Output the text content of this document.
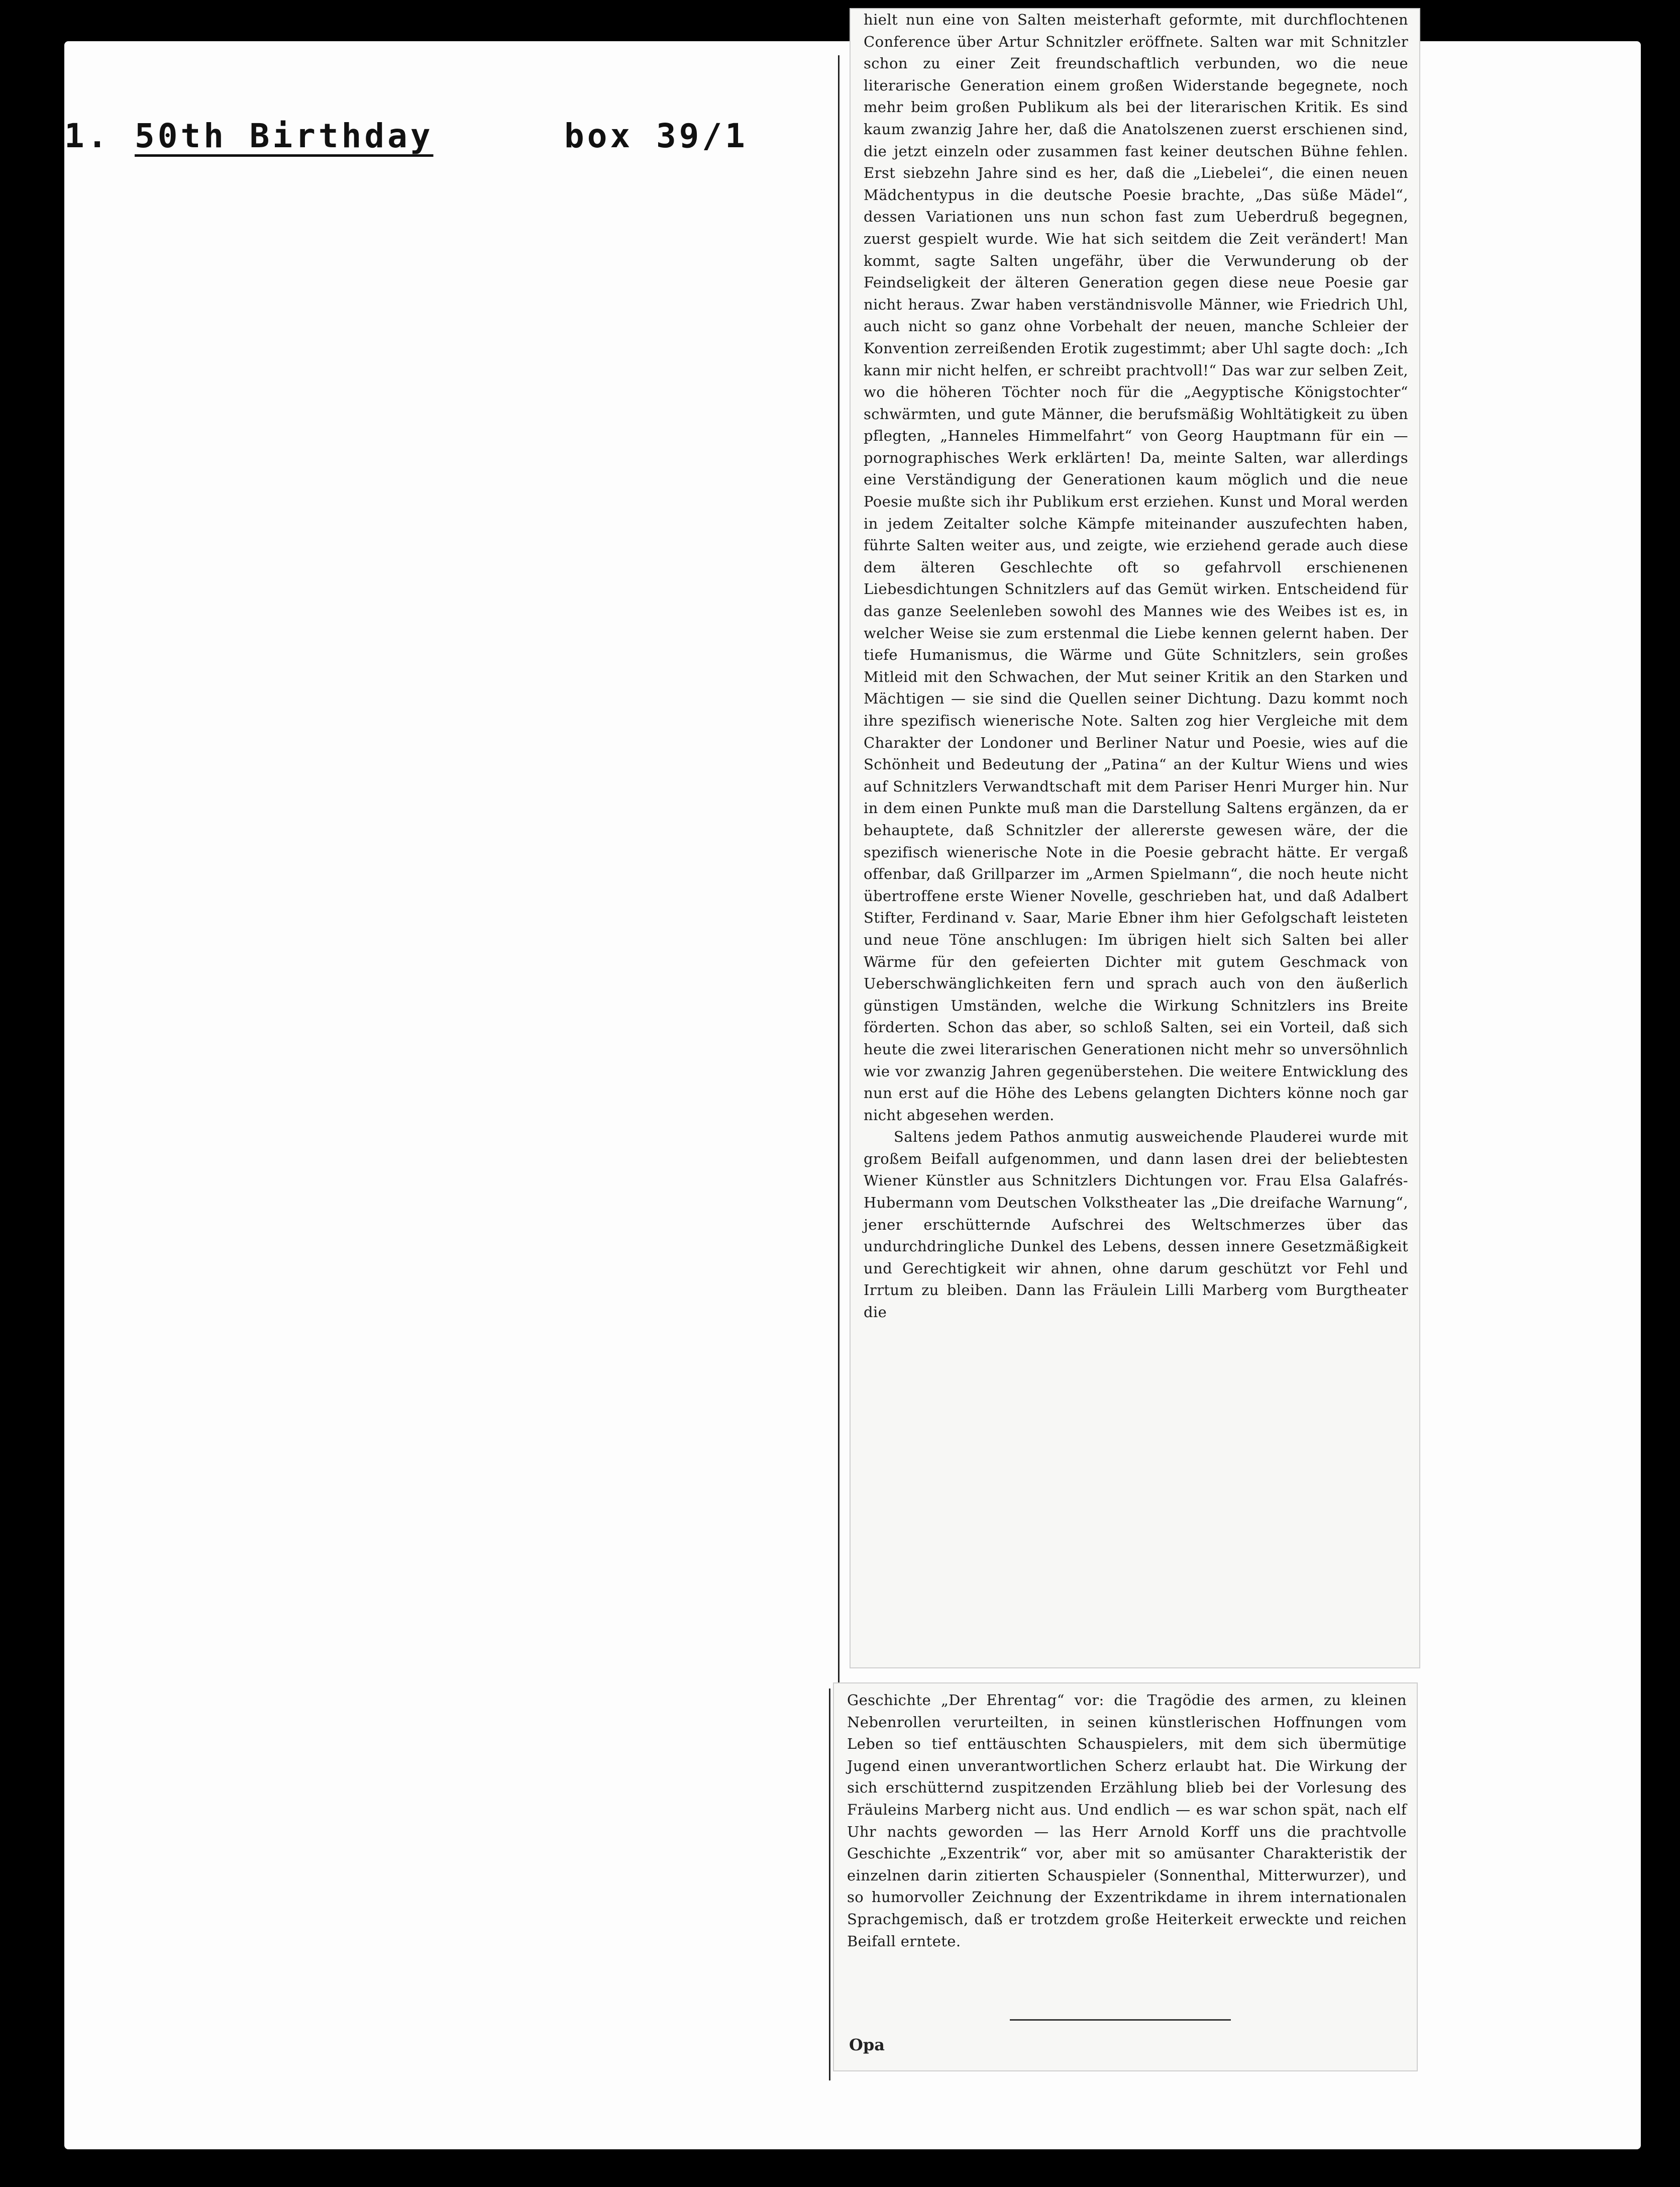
1. 50th Birthday	box 39/1

hielt nun eine von Salten meisterhaft geformte, mit durchflochtenen Conference über Artur Schnitzler eröffnete. Salten war mit Schnitzler schon zu einer Zeit freundschaftlich verbunden, wo die neue literarische Generation einem großen Widerstande begegnete, noch mehr beim großen Publikum als bei der literarischen Kritik. Es sind kaum zwanzig Jahre her, daß die Anatolszenen zuerst erschienen sind, die jetzt einzeln oder zusammen fast keiner deutschen Bühne fehlen. Erst siebzehn Jahre sind es her, daß die „Liebelei“, die einen neuen Mädchentypus in die deutsche Poesie brachte, „Das süße Mädel“, dessen Variationen uns nun schon fast zum Ueberdruß begegnen, zuerst gespielt wurde. Wie hat sich seitdem die Zeit verändert! Man kommt, sagte Salten ungefähr, über die Verwunderung ob der Feindseligkeit der älteren Generation gegen diese neue Poesie gar nicht heraus. Zwar haben verständnisvolle Männer, wie Friedrich Uhl, auch nicht so ganz ohne Vorbehalt der neuen, manche Schleier der Konvention zerreißenden Erotik zugestimmt; aber Uhl sagte doch: „Ich kann mir nicht helfen, er schreibt prachtvoll!“ Das war zur selben Zeit, wo die höheren Töchter noch für die „Aegyptische Königstochter“ schwärmten, und gute Männer, die berufsmäßig Wohltätigkeit zu üben pflegten, „Hanneles Himmelfahrt“ von Georg Hauptmann für ein — pornographisches Werk erklärten! Da, meinte Salten, war allerdings eine Verständigung der Generationen kaum möglich und die neue Poesie mußte sich ihr Publikum erst erziehen. Kunst und Moral werden in jedem Zeitalter solche Kämpfe miteinander auszufechten haben, führte Salten weiter aus, und zeigte, wie erziehend gerade auch diese dem älteren Geschlechte oft so gefahrvoll erschienenen Liebesdichtungen Schnitzlers auf das Gemüt wirken. Entscheidend für das ganze Seelenleben sowohl des Mannes wie des Weibes ist es, in welcher Weise sie zum erstenmal die Liebe kennen gelernt haben. Der tiefe Humanismus, die Wärme und Güte Schnitzlers, sein großes Mitleid mit den Schwachen, der Mut seiner Kritik an den Starken und Mächtigen — sie sind die Quellen seiner Dichtung. Dazu kommt noch ihre spezifisch wienerische Note. Salten zog hier Vergleiche mit dem Charakter der Londoner und Berliner Natur und Poesie, wies auf die Schönheit und Bedeutung der „Patina“ an der Kultur Wiens und wies auf Schnitzlers Verwandtschaft mit dem Pariser Henri Murger hin. Nur in dem einen Punkte muß man die Darstellung Saltens ergänzen, da er behauptete, daß Schnitzler der allererste gewesen wäre, der die spezifisch wienerische Note in die Poesie gebracht hätte. Er vergaß offenbar, daß Grillparzer im „Armen Spielmann“, die noch heute nicht übertroffene erste Wiener Novelle, geschrieben hat, und daß Adalbert Stifter, Ferdinand v. Saar, Marie Ebner ihm hier Gefolgschaft leisteten und neue Töne anschlugen: Im übrigen hielt sich Salten bei aller Wärme für den gefeierten Dichter mit gutem Geschmack von Ueberschwänglichkeiten fern und sprach auch von den äußerlich günstigen Umständen, welche die Wirkung Schnitzlers ins Breite förderten. Schon das aber, so schloß Salten, sei ein Vorteil, daß sich heute die zwei literarischen Generationen nicht mehr so unversöhnlich wie vor zwanzig Jahren gegenüberstehen. Die weitere Entwicklung des nun erst auf die Höhe des Lebens gelangten Dichters könne noch gar nicht abgesehen werden.

Saltens jedem Pathos anmutig ausweichende Plauderei wurde mit großem Beifall aufgenommen, und dann lasen drei der beliebtesten Wiener Künstler aus Schnitzlers Dichtungen vor. Frau Elsa Galafrés-Hubermann vom Deutschen Volkstheater las „Die dreifache Warnung“, jener erschütternde Aufschrei des Weltschmerzes über das undurchdringliche Dunkel des Lebens, dessen innere Gesetzmäßigkeit und Gerechtigkeit wir ahnen, ohne darum geschützt vor Fehl und Irrtum zu bleiben. Dann las Fräulein Lilli Marberg vom Burgtheater die

Geschichte „Der Ehrentag“ vor: die Tragödie des armen, zu kleinen Nebenrollen verurteilten, in seinen künstlerischen Hoffnungen vom Leben so tief enttäuschten Schauspielers, mit dem sich übermütige Jugend einen unverantwortlichen Scherz erlaubt hat. Die Wirkung der sich erschütternd zuspitzenden Erzählung blieb bei der Vorlesung des Fräuleins Marberg nicht aus. Und endlich — es war schon spät, nach elf Uhr nachts geworden — las Herr Arnold Korff uns die prachtvolle Geschichte „Exzentrik“ vor, aber mit so amüsanter Charakteristik der einzelnen darin zitierten Schauspieler (Sonnenthal, Mitterwurzer), und so humorvoller Zeichnung der Exzentrikdame in ihrem internationalen Sprachgemisch, daß er trotzdem große Heiterkeit erweckte und reichen Beifall erntete.

Opa
